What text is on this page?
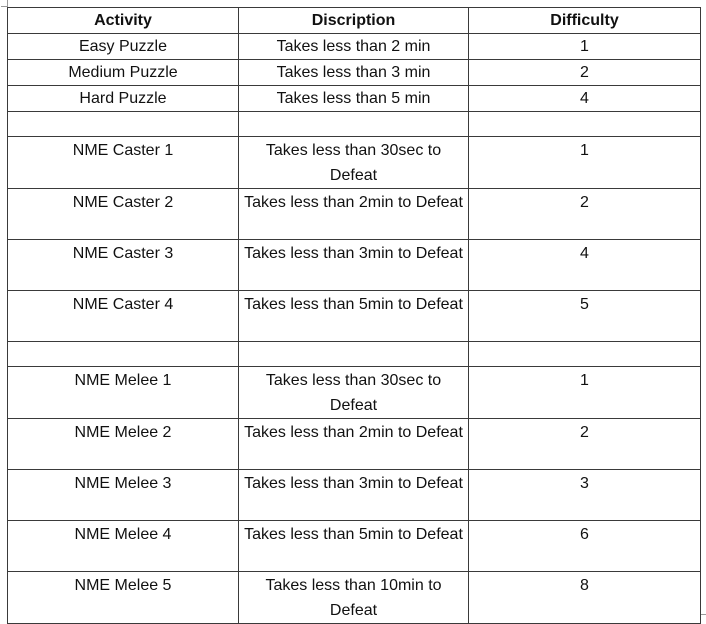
Activity	Discription	Difficulty
Easy Puzzle	Takes less than 2 min	1
Medium Puzzle	Takes less than 3 min	2
Hard Puzzle	Takes less than 5 min	4

NME Caster 1	Takes less than 30sec to Defeat	1
NME Caster 2	Takes less than 2min to Defeat	2
NME Caster 3	Takes less than 3min to Defeat	4
NME Caster 4	Takes less than 5min to Defeat	5

NME Melee 1	Takes less than 30sec to Defeat	1
NME Melee 2	Takes less than 2min to Defeat	2
NME Melee 3	Takes less than 3min to Defeat	3
NME Melee 4	Takes less than 5min to Defeat	6
NME Melee 5	Takes less than 10min to Defeat	8
